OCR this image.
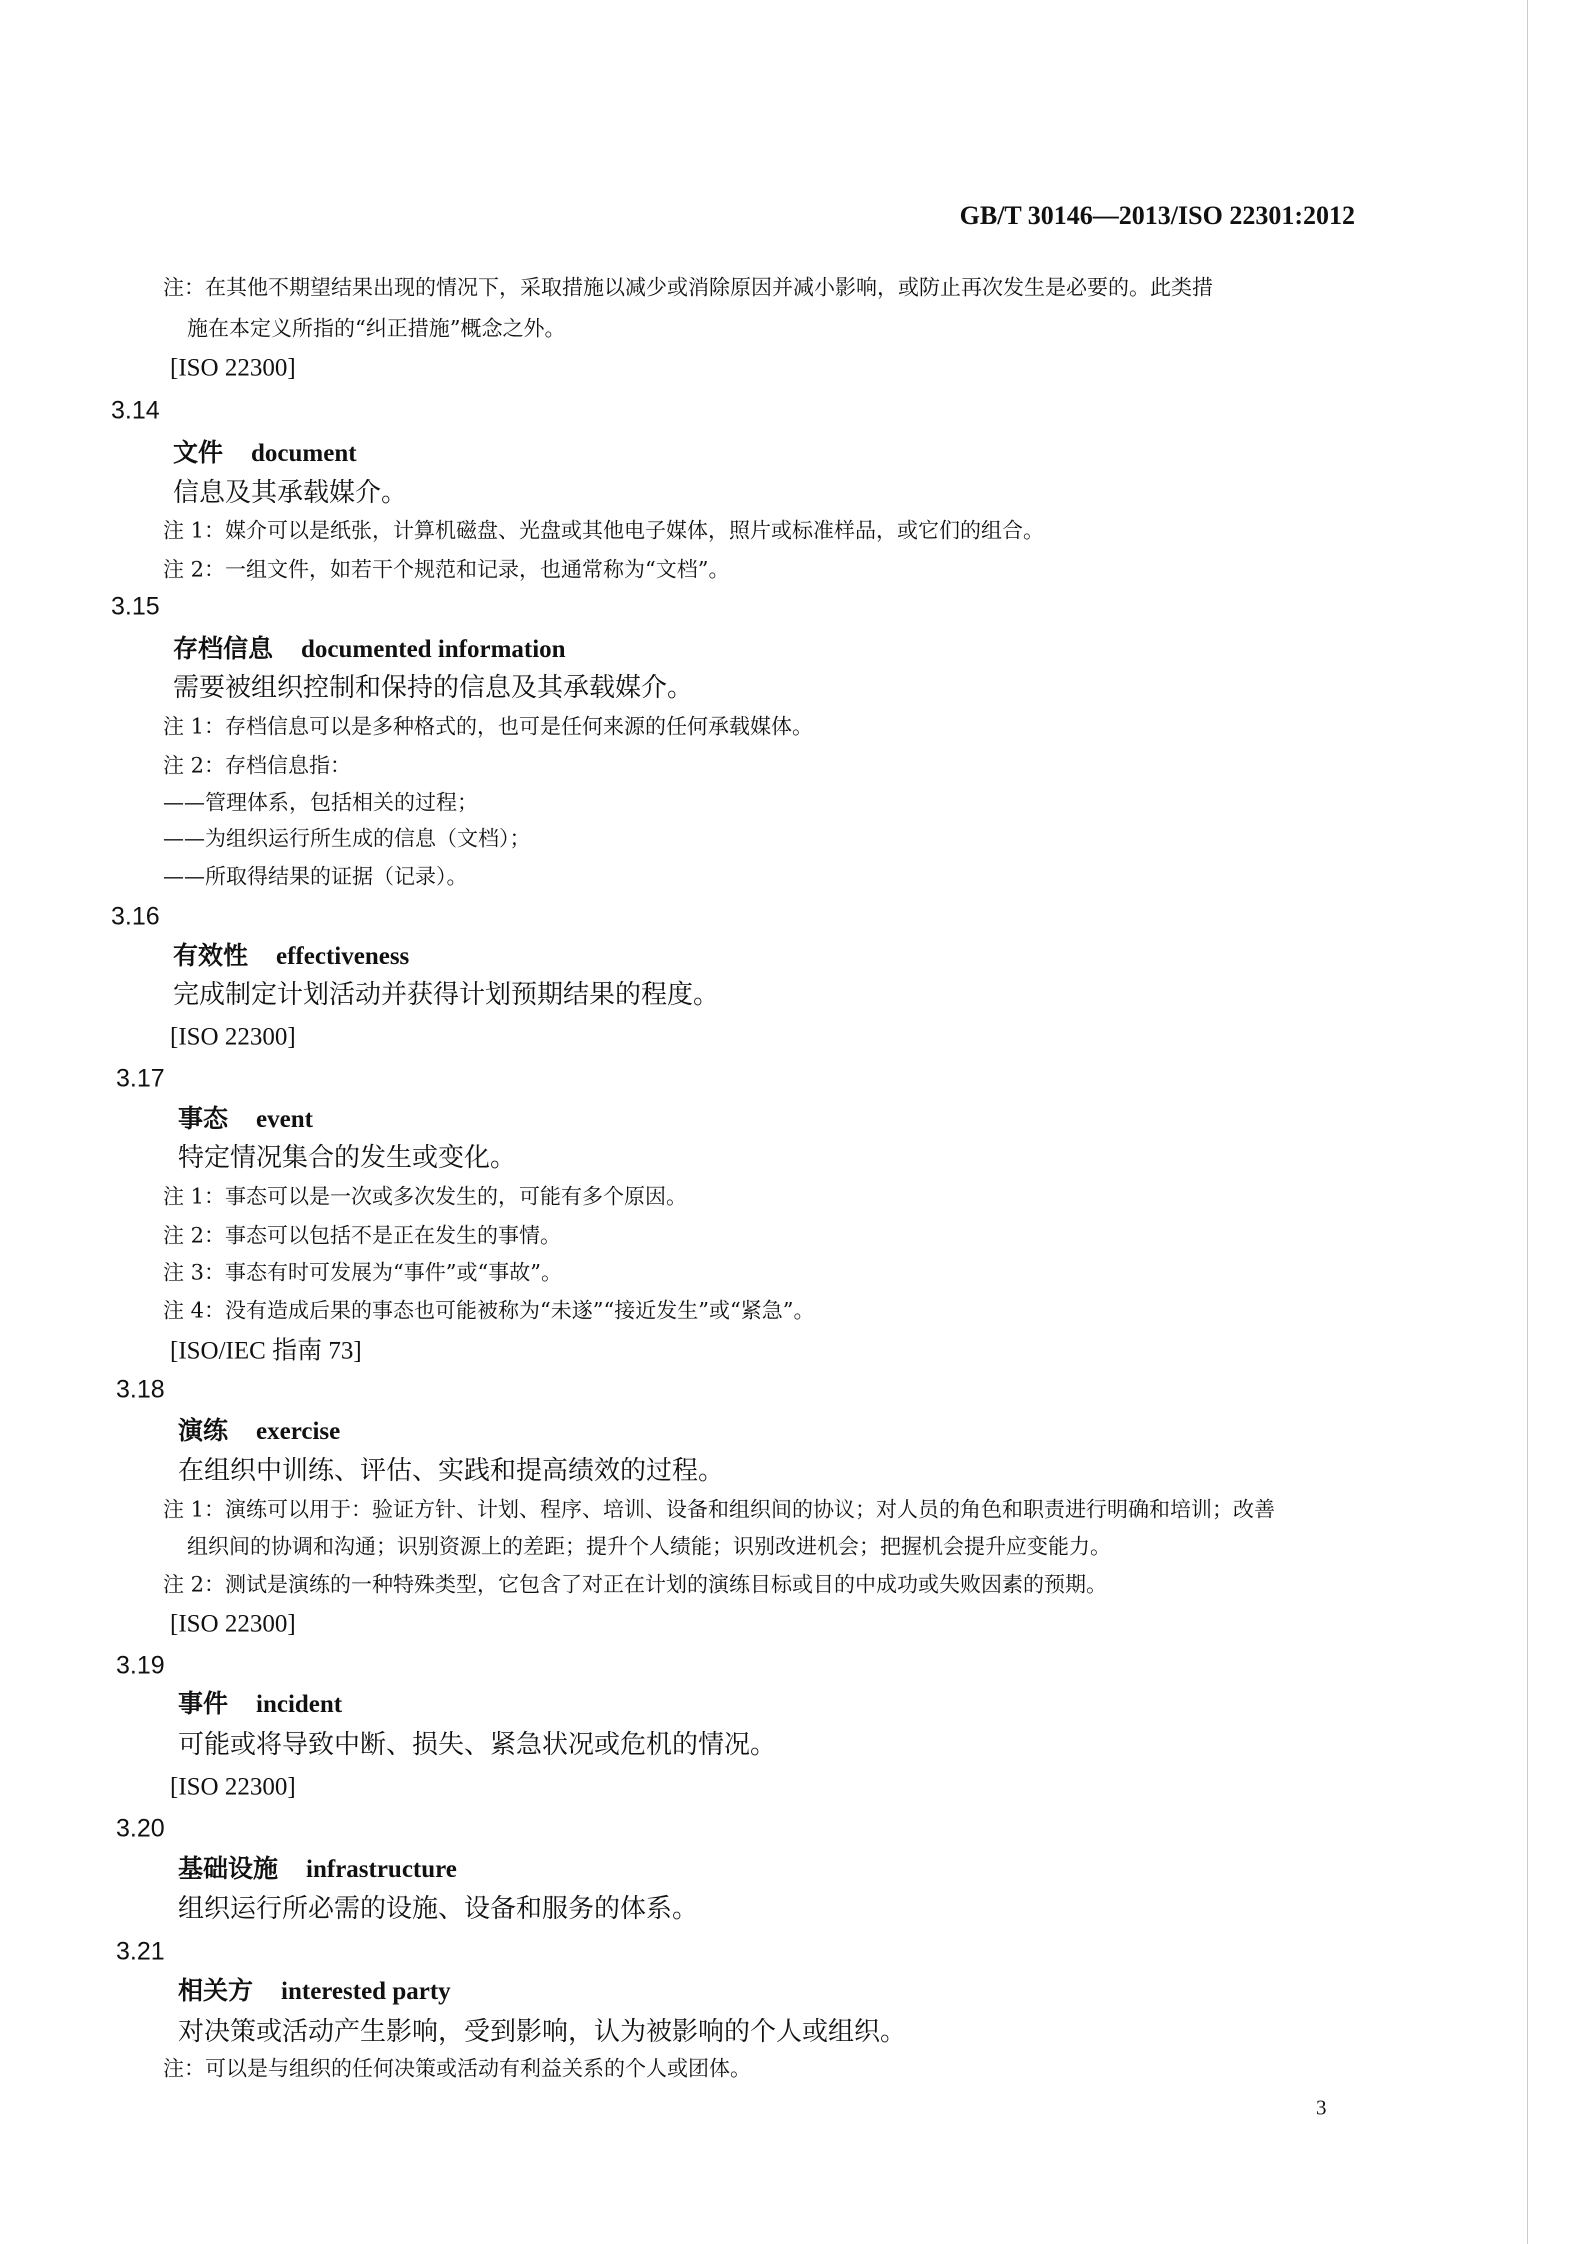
GB/T 30146—2013/ISO 22301:2012
注：在其他不期望结果出现的情况下，采取措施以减少或消除原因并减小影响，或防止再次发生是必要的。此类措
施在本定义所指的“纠正措施”概念之外。
[ISO 22300]
3.14
文件 document
信息及其承载媒介。
注 1：媒介可以是纸张，计算机磁盘、光盘或其他电子媒体，照片或标准样品，或它们的组合。
注 2：一组文件，如若干个规范和记录，也通常称为“文档”。
3.15
存档信息 documented information
需要被组织控制和保持的信息及其承载媒介。
注 1：存档信息可以是多种格式的，也可是任何来源的任何承载媒体。
注 2：存档信息指：
——管理体系，包括相关的过程；
——为组织运行所生成的信息（文档）；
——所取得结果的证据（记录）。
3.16
有效性 effectiveness
完成制定计划活动并获得计划预期结果的程度。
[ISO 22300]
3.17
事态 event
特定情况集合的发生或变化。
注 1：事态可以是一次或多次发生的，可能有多个原因。
注 2：事态可以包括不是正在发生的事情。
注 3：事态有时可发展为“事件”或“事故”。
注 4：没有造成后果的事态也可能被称为“未遂”“接近发生”或“紧急”。
[ISO/IEC 指南 73]
3.18
演练 exercise
在组织中训练、评估、实践和提高绩效的过程。
注 1：演练可以用于：验证方针、计划、程序、培训、设备和组织间的协议；对人员的角色和职责进行明确和培训；改善
组织间的协调和沟通；识别资源上的差距；提升个人绩能；识别改进机会；把握机会提升应变能力。
注 2：测试是演练的一种特殊类型，它包含了对正在计划的演练目标或目的中成功或失败因素的预期。
[ISO 22300]
3.19
事件 incident
可能或将导致中断、损失、紧急状况或危机的情况。
[ISO 22300]
3.20
基础设施 infrastructure
组织运行所必需的设施、设备和服务的体系。
3.21
相关方 interested party
对决策或活动产生影响，受到影响，认为被影响的个人或组织。
注：可以是与组织的任何决策或活动有利益关系的个人或团体。
3
